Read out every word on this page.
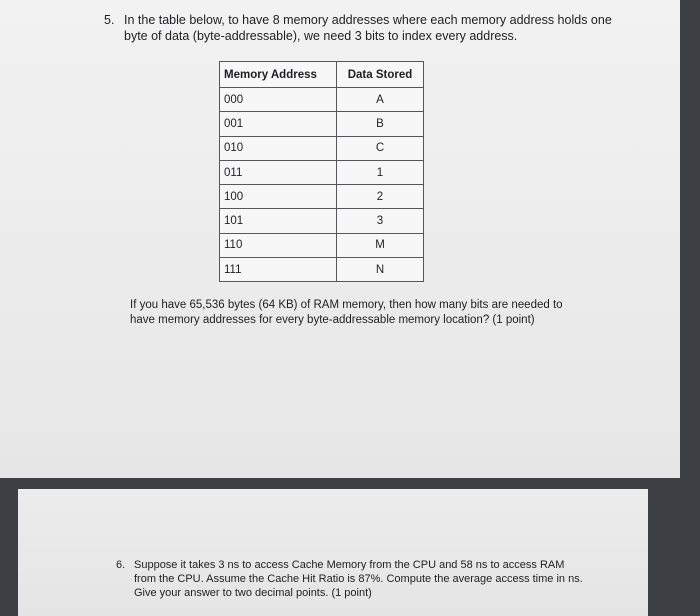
5. In the table below, to have 8 memory addresses where each memory address holds one byte of data (byte-addressable), we need 3 bits to index every address.
Memory Address	Data Stored
000	A
001	B
010	C
011	1
100	2
101	3
110	M
111	N
If you have 65,536 bytes (64 KB) of RAM memory, then how many bits are needed to have memory addresses for every byte-addressable memory location? (1 point)
6. Suppose it takes 3 ns to access Cache Memory from the CPU and 58 ns to access RAM from the CPU. Assume the Cache Hit Ratio is 87%. Compute the average access time in ns. Give your answer to two decimal points. (1 point)
